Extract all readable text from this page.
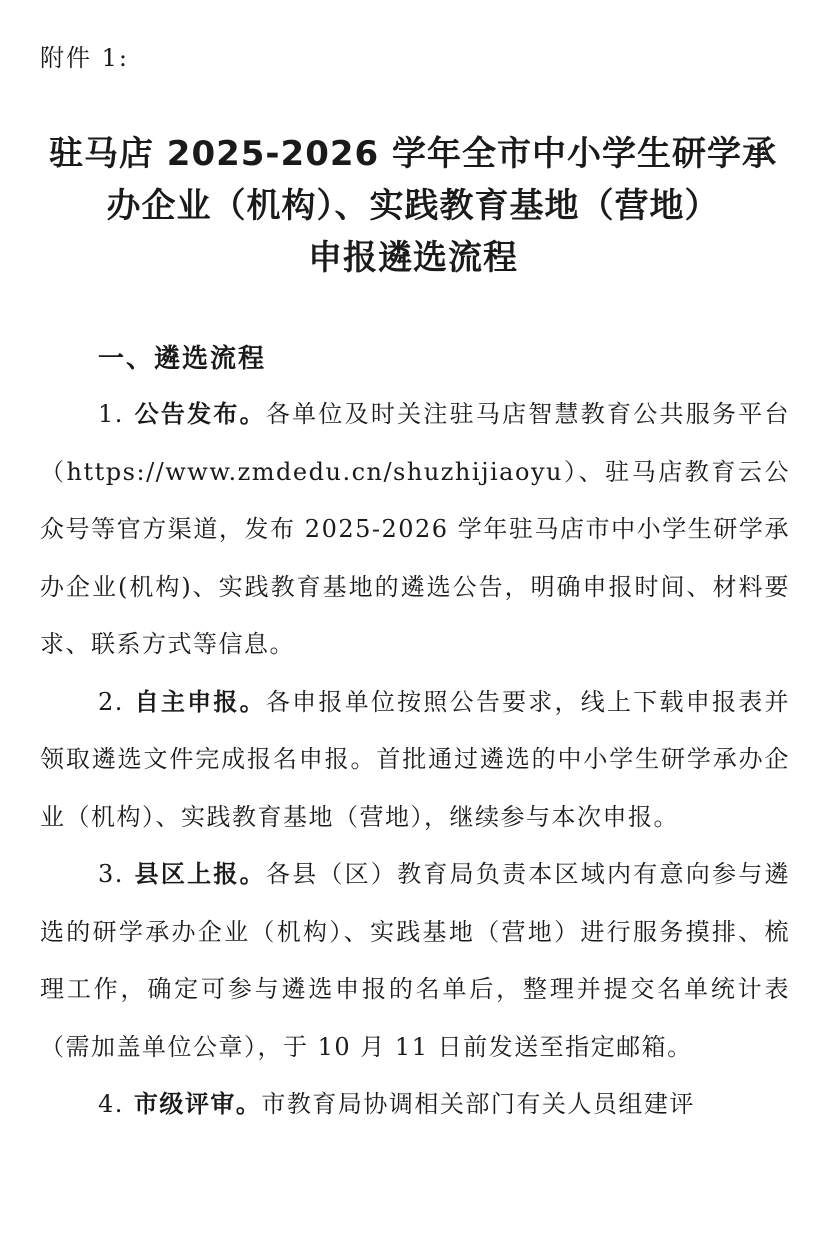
附件 1:
驻马店 2025-2026 学年全市中小学生研学承
办企业（机构）、实践教育基地（营地）
申报遴选流程
一、遴选流程

1. 公告发布。各单位及时关注驻马店智慧教育公共服务平台（https://www.zmdedu.cn/shuzhijiaoyu）、驻马店教育云公众号等官方渠道，发布 2025-2026 学年驻马店市中小学生研学承办企业(机构)、实践教育基地的遴选公告，明确申报时间、材料要求、联系方式等信息。

2. 自主申报。各申报单位按照公告要求，线上下载申报表并领取遴选文件完成报名申报。首批通过遴选的中小学生研学承办企业（机构）、实践教育基地（营地），继续参与本次申报。

3. 县区上报。各县（区）教育局负责本区域内有意向参与遴选的研学承办企业（机构）、实践基地（营地）进行服务摸排、梳理工作，确定可参与遴选申报的名单后，整理并提交名单统计表（需加盖单位公章），于 10 月 11 日前发送至指定邮箱。

4. 市级评审。市教育局协调相关部门有关人员组建评
